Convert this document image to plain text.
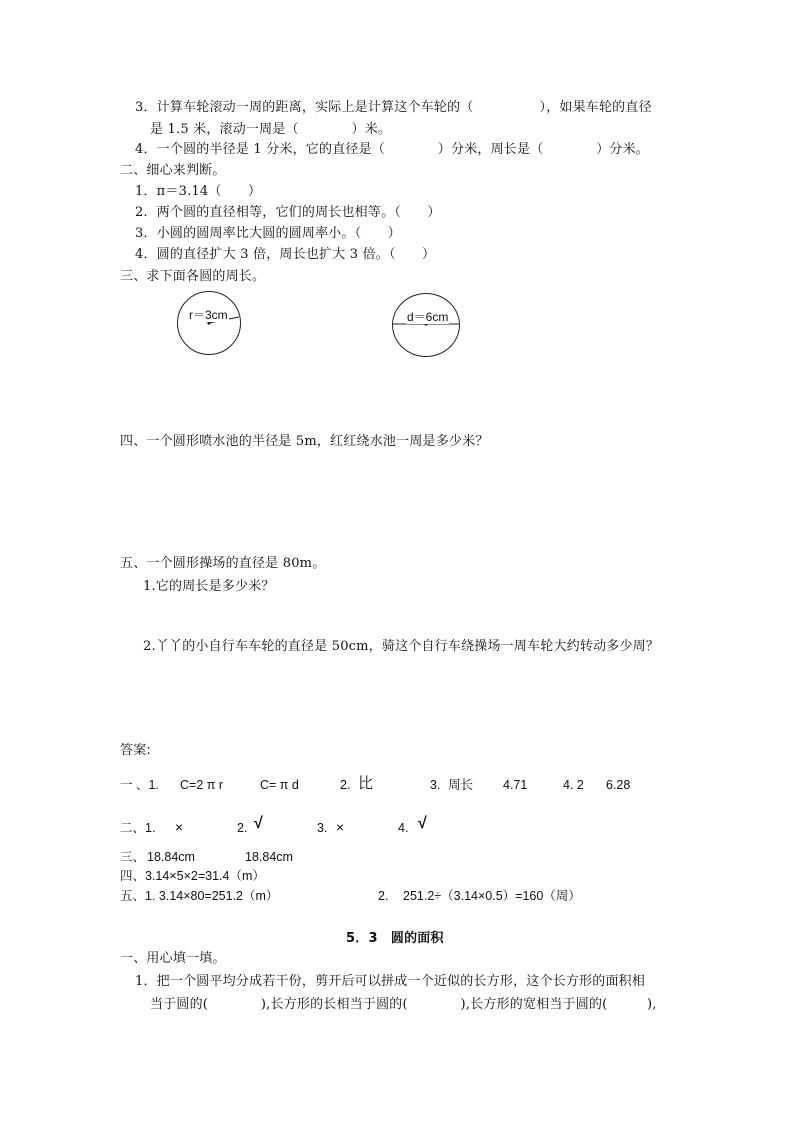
3．计算车轮滚动一周的距离，实际上是计算这个车轮的（　　　　　），如果车轮的直径
是 1.5 米，滚动一周是（　　　　）米。
4．一个圆的半径是 1 分米，它的直径是（　　　　）分米，周长是（　　　　）分米。
二、细心来判断。
1．π＝3.14（　　）
2．两个圆的直径相等，它们的周长也相等。（　　）
3．小圆的圆周率比大圆的圆周率小。（　　）
4．圆的直径扩大 3 倍，周长也扩大 3 倍。（　　）
三、求下面各圆的周长。
r＝3cm	d＝6cm
四、一个圆形喷水池的半径是 5m，红红绕水池一周是多少米？
五、一个圆形操场的直径是 80m。
1.它的周长是多少米？
2.丫丫的小自行车车轮的直径是 50cm，骑这个自行车绕操场一周车轮大约转动多少周？
答案:
一 、1. C=2 π r	C= π d	2. 比	3. 周长 4.71	4. 2 6.28
二、1. ×	2. √	3. ×	4. √
三、 18.84cm	18.84cm
四、3.14×5×2=31.4（m）
五、1. 3.14×80=251.2（m）	2. 251.2÷（3.14×0.5）=160（周）
5．3　圆的面积
一、用心填一填。
1．把一个圆平均分成若干份，剪开后可以拼成一个近似的长方形，这个长方形的面积相
当于圆的(　　　　),长方形的长相当于圆的(　　　　),长方形的宽相当于圆的(　　　),
